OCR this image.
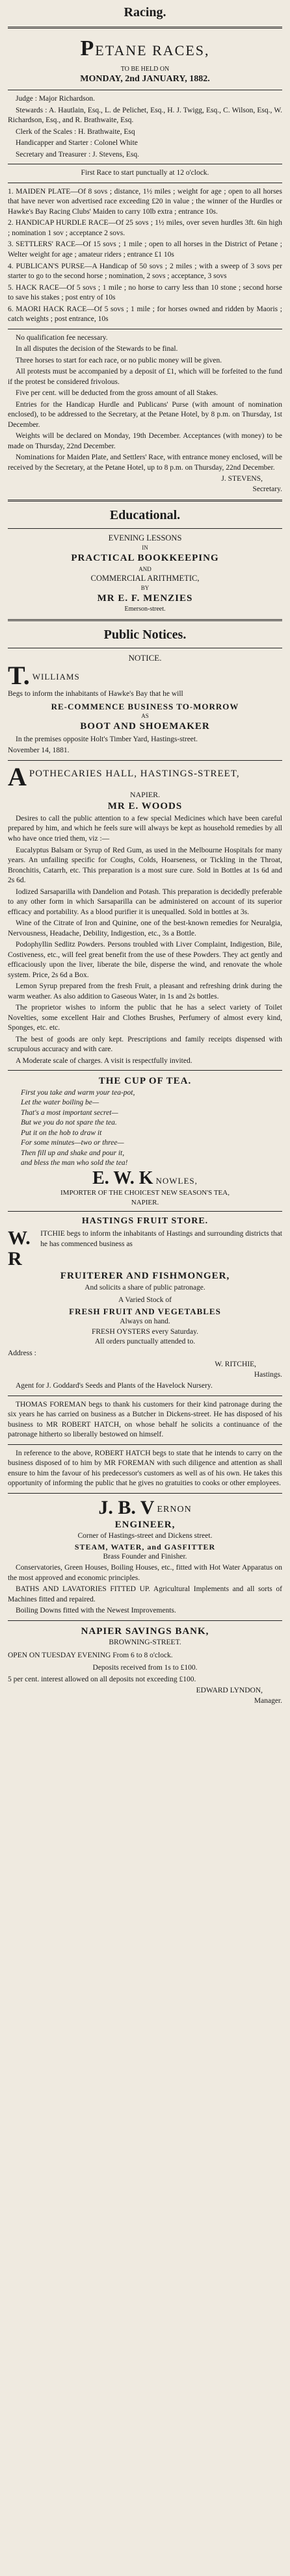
Racing.
PETANE RACES,
TO BE HELD ON
MONDAY, 2nd JANUARY, 1882.
Judge : Major Richardson.
Stewards : A. Hautlain, Esq., L. de Pelichet, Esq., H. J. Twigg, Esq., C. Wilson, Esq., W. Richardson, Esq., and R. Brathwaite, Esq.
Clerk of the Scales : H. Brathwaite, Esq
Handicapper and Starter : Colonel White
Secretary and Treasurer : J. Stevens, Esq.
First Race to start punctually at 12 o'clock.
1. MAIDEN PLATE—Of 8 sovs ; distance, 1½ miles ; weight for age ; open to all horses that have never won advertised race exceeding £20 in value ; the winner of the Hurdles or Hawke's Bay Racing Clubs' Maiden to carry 10lb extra ; entrance 10s.
2. HANDICAP HURDLE RACE—Of 25 sovs ; 1½ miles, over seven hurdles 3ft. 6in high ; nomination 1 sov ; acceptance 2 sovs.
3. SETTLERS' RACE—Of 15 sovs ; 1 mile ; open to all horses in the District of Petane ; Welter weight for age ; amateur riders ; entrance £1 10s
4. PUBLICAN'S PURSE—A Handicap of 50 sovs ; 2 miles ; with a sweep of 3 sovs per starter to go to the second horse ; nomination, 2 sovs ; acceptance, 3 sovs
5. HACK RACE—Of 5 sovs ; 1 mile ; no horse to carry less than 10 stone ; second horse to save his stakes ; post entry of 10s
6. MAORI HACK RACE—Of 5 sovs ; 1 mile ; for horses owned and ridden by Maoris ; catch weights ; post entrance, 10s
No qualification fee necessary.
In all disputes the decision of the Stewards to be final.
Three horses to start for each race, or no public money will be given.
All protests must be accompanied by a deposit of £1, which will be forfeited to the fund if the protest be considered frivolous.
Five per cent. will be deducted from the gross amount of all Stakes.
Entries for the Handicap Hurdle and Publicans' Purse (with amount of nomination enclosed), to be addressed to the Secretary, at the Petane Hotel, by 8 p.m. on Thursday, 1st December.
Weights will be declared on Monday, 19th December. Acceptances (with money) to be made on Thursday, 22nd December.
Nominations for Maiden Plate, and Settlers' Race, with entrance money enclosed, will be received by the Secretary, at the Petane Hotel, up to 8 p.m. on Thursday, 22nd December.
J. STEVENS,
Secretary.
Educational.
EVENING LESSONS
IN
PRACTICAL BOOKKEEPING
AND
COMMERCIAL ARITHMETIC,
BY
MR E. F. MENZIES
Emerson-street.
Public Notices.
NOTICE.
T. WILLIAMS
Begs to inform the inhabitants of Hawke's Bay that he will
RE-COMMENCE BUSINESS TO-MORROW
AS
BOOT AND SHOEMAKER
In the premises opposite Holt's Timber Yard, Hastings-street.
November 14, 1881.
A POTHECARIES HALL, HASTINGS-STREET,
NAPIER.
MR E. WOODS
Desires to call the public attention to a few special Medicines which have been careful prepared by him, and which he feels sure will always be kept as household remedies by all who have once tried them, viz :—
Eucalyptus Balsam or Syrup of Red Gum, as used in the Melbourne Hospitals for many years. An unfailing specific for Coughs, Colds, Hoarseness, or Tickling in the Throat, Bronchitis, Catarrh, etc. This preparation is a most sure cure. Sold in Bottles at 1s 6d and 2s 6d.
Iodized Sarsaparilla with Dandelion and Potash. This preparation is decidedly preferable to any other form in which Sarsaparilla can be administered on account of its superior efficacy and portability. As a blood purifier it is unequalled. Sold in bottles at 3s.
Wine of the Citrate of Iron and Quinine, one of the best-known remedies for Neuralgia, Nervousness, Headache, Debility, Indigestion, etc., 3s a Bottle.
Podophyllin Sedlitz Powders. Persons troubled with Liver Complaint, Indigestion, Bile, Costiveness, etc., will feel great benefit from the use of these Powders. They act gently and efficaciously upon the liver, liberate the bile, disperse the wind, and renovate the whole system. Price, 2s 6d a Box.
Lemon Syrup prepared from the fresh Fruit, a pleasant and refreshing drink during the warm weather. As also addition to Gaseous Water, in 1s and 2s bottles.
The proprietor wishes to inform the public that he has a select variety of Toilet Novelties, some excellent Hair and Clothes Brushes, Perfumery of almost every kind, Sponges, etc. etc.
The best of goods are only kept. Prescriptions and family receipts dispensed with scrupulous accuracy and with care.
A Moderate scale of charges. A visit is respectfully invited.
THE CUP OF TEA.
First you take and warm your tea-pot,
Let the water boiling be—
That's a most important secret—
But we you do not spare the tea.
Put it on the hob to draw it
For some minutes—two or three—
Then fill up and shake and pour it,
and bless the man who sold the tea!
E. W. K NOWLES,
IMPORTER OF THE CHOICEST NEW SEASON'S TEA,
NAPIER.
HASTINGS FRUIT STORE.
W. R
ITCHIE begs to inform the inhabitants of Hastings and surrounding districts that he has commenced business as
FRUITERER AND FISHMONGER,
And solicits a share of public patronage.
A Varied Stock of
FRESH FRUIT AND VEGETABLES
Always on hand.
FRESH OYSTERS every Saturday.
All orders punctually attended to.
Address :
W. RITCHIE,
Hastings.
Agent for J. Goddard's Seeds and Plants of the Havelock Nursery.
THOMAS FOREMAN begs to thank his customers for their kind patronage during the six years he has carried on business as a Butcher in Dickens-street. He has disposed of his business to MR ROBERT HATCH, on whose behalf he solicits a continuance of the patronage hitherto so liberally bestowed on himself.
In reference to the above, ROBERT HATCH begs to state that he intends to carry on the business disposed of to him by MR FOREMAN with such diligence and attention as shall ensure to him the favour of his predecessor's customers as well as of his own. He takes this opportunity of informing the public that he gives no gratuities to cooks or other employees.
J. B. V ERNON
ENGINEER,
Corner of Hastings-street and Dickens street.
STEAM, WATER, and GASFITTER
Brass Founder and Finisher.
Conservatories, Green Houses, Boiling Houses, etc., fitted with Hot Water Apparatus on the most approved and economic principles.
BATHS AND LAVATORIES FITTED UP. Agricultural Implements and all sorts of Machines fitted and repaired.
Boiling Downs fitted with the Newest Improvements.
NAPIER SAVINGS BANK,
BROWNING-STREET.
OPEN ON TUESDAY EVENING From 6 to 8 o'clock.
Deposits received from 1s to £100.
5 per cent. interest allowed on all deposits not exceeding £100.
EDWARD LYNDON,
Manager.
